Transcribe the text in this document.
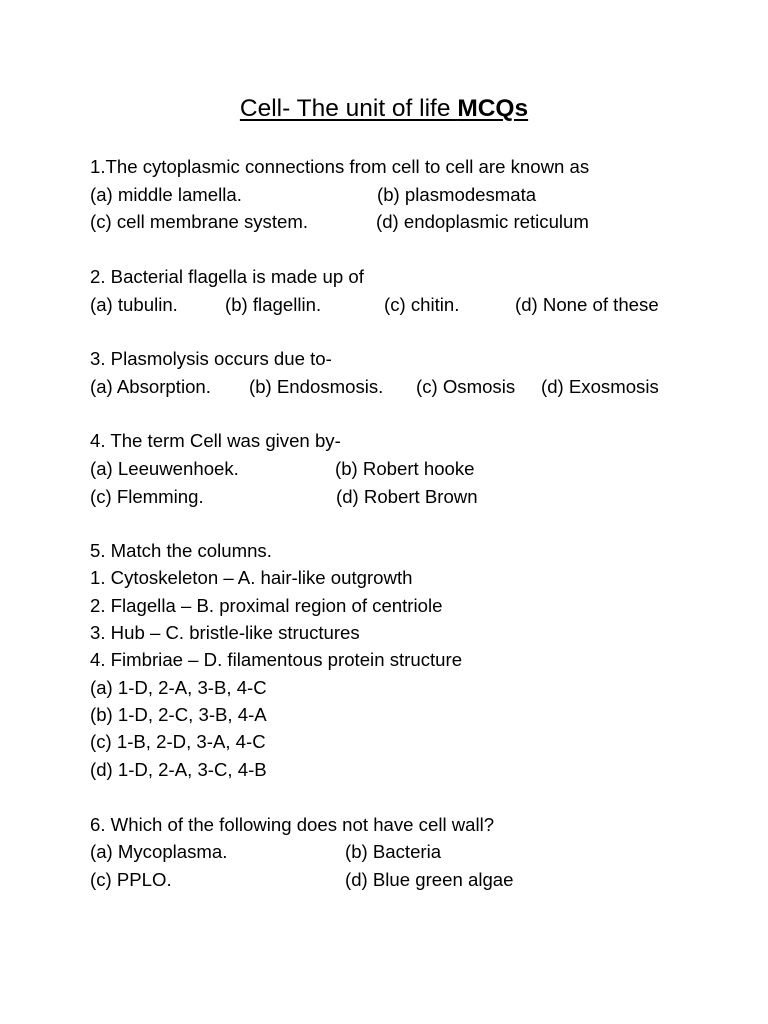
Cell- The unit of life MCQs
1.The cytoplasmic connections from cell to cell are known as
(a) middle lamella.	(b) plasmodesmata
(c) cell membrane system.	(d) endoplasmic reticulum
2. Bacterial flagella is made up of
(a) tubulin.	(b) flagellin.	(c) chitin.	(d) None of these
3. Plasmolysis occurs due to-
(a) Absorption. (b) Endosmosis. (c) Osmosis (d) Exosmosis
4. The term Cell was given by-
(a) Leeuwenhoek.	(b) Robert hooke
(c) Flemming.	(d) Robert Brown
5. Match the columns.
1. Cytoskeleton – A. hair-like outgrowth
2. Flagella – B. proximal region of centriole
3. Hub – C. bristle-like structures
4. Fimbriae – D. filamentous protein structure
(a) 1-D, 2-A, 3-B, 4-C
(b) 1-D, 2-C, 3-B, 4-A
(c) 1-B, 2-D, 3-A, 4-C
(d) 1-D, 2-A, 3-C, 4-B
6. Which of the following does not have cell wall?
(a) Mycoplasma.	(b) Bacteria
(c) PPLO.	(d) Blue green algae
